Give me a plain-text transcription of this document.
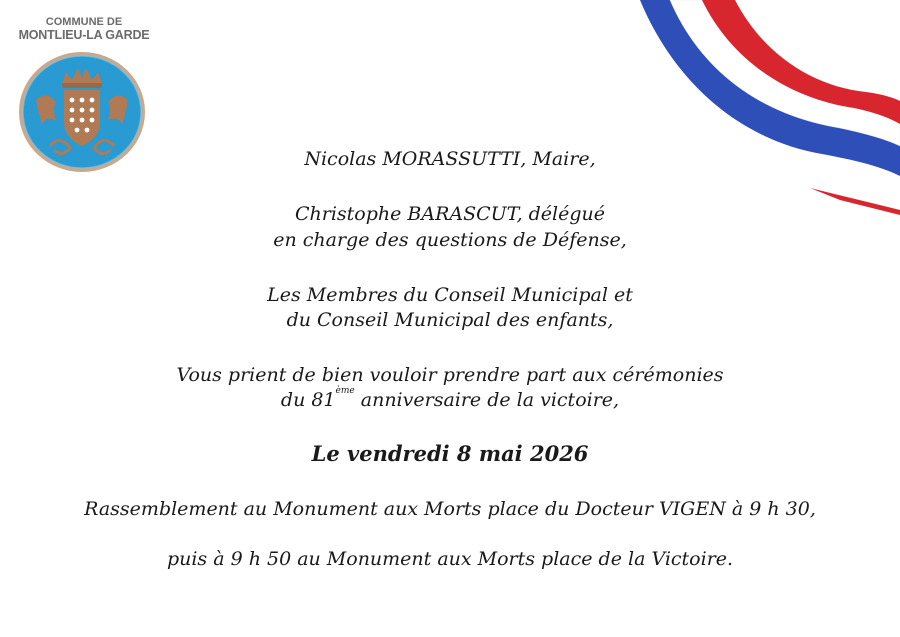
COMMUNE DE
MONTLIEU-LA GARDE
Nicolas MORASSUTTI, Maire,
Christophe BARASCUT, délégué
en charge des questions de Défense,
Les Membres du Conseil Municipal et
du Conseil Municipal des enfants,
Vous prient de bien vouloir prendre part aux cérémonies
du 81ème anniversaire de la victoire,
Le vendredi 8 mai 2026
Rassemblement au Monument aux Morts place du Docteur VIGEN à 9 h 30,
puis à 9 h 50 au Monument aux Morts place de la Victoire.
